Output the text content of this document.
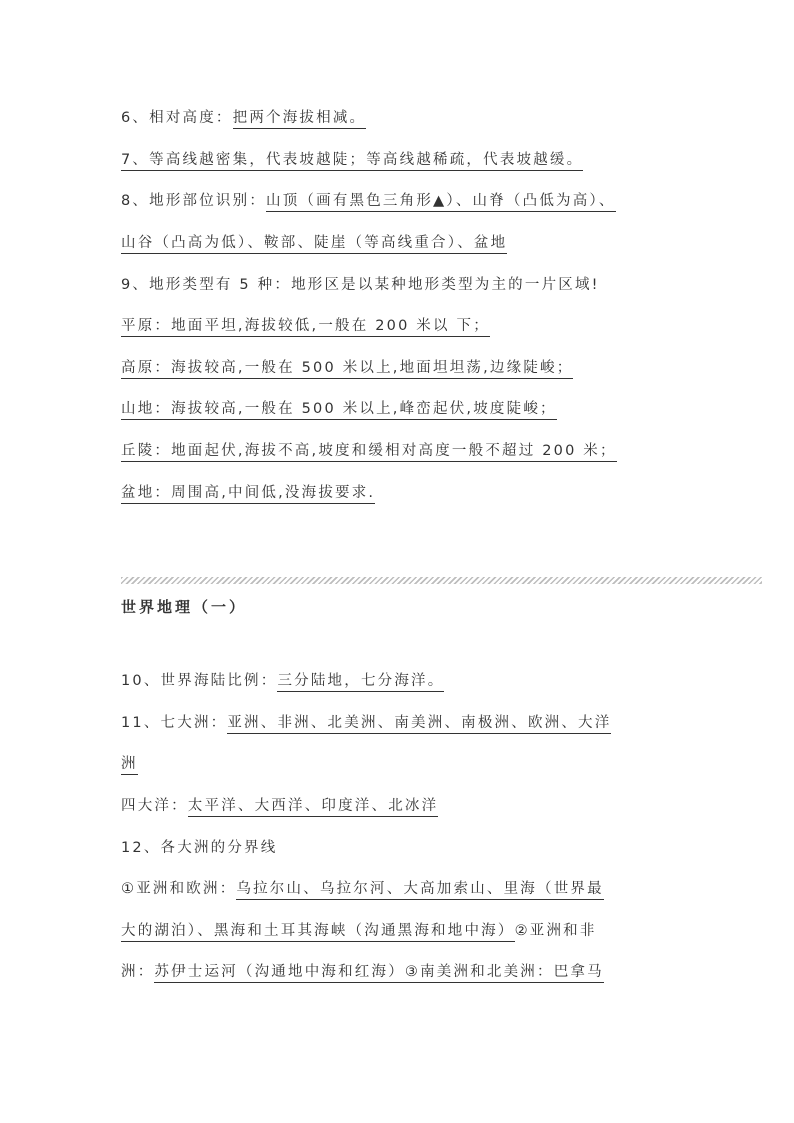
6、相对高度：把两个海拔相减。
7、等高线越密集，代表坡越陡；等高线越稀疏，代表坡越缓。
8、地形部位识别：山顶（画有黑色三角形▲）、山脊（凸低为高）、
山谷（凸高为低）、鞍部、陡崖（等高线重合）、盆地
9、地形类型有 5 种：地形区是以某种地形类型为主的一片区域!
平原：地面平坦,海拔较低,一般在 200 米以 下；
高原：海拔较高,一般在 500 米以上,地面坦坦荡,边缘陡峻；
山地：海拔较高,一般在 500 米以上,峰峦起伏,坡度陡峻；
丘陵：地面起伏,海拔不高,坡度和缓相对高度一般不超过 200 米；
盆地：周围高,中间低,没海拔要求.
世界地理（一）
10、世界海陆比例：三分陆地，七分海洋。
11、七大洲：亚洲、非洲、北美洲、南美洲、南极洲、欧洲、大洋
洲
四大洋：太平洋、大西洋、印度洋、北冰洋
12、各大洲的分界线
①亚洲和欧洲：乌拉尔山、乌拉尔河、大高加索山、里海（世界最
大的湖泊）、黑海和土耳其海峡（沟通黑海和地中海）②亚洲和非
洲：苏伊士运河（沟通地中海和红海）③南美洲和北美洲：巴拿马
